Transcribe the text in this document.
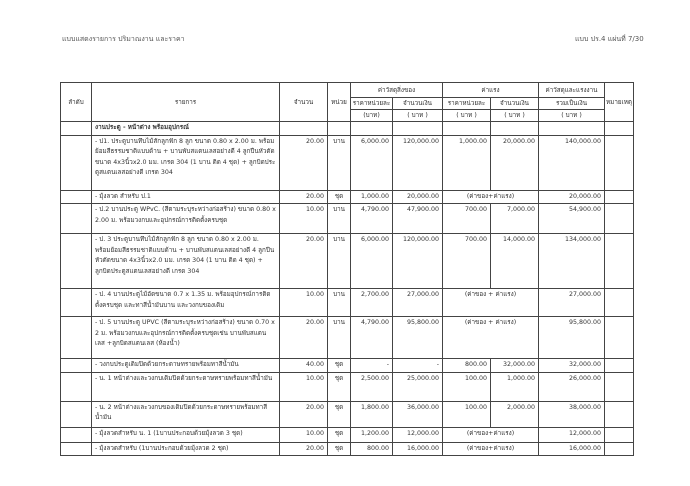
แบบแสดงรายการ ปริมาณงาน และราคา	แบบ ปร.4 แผ่นที่ 7/30
ลำดับ	รายการ	จำนวน	หน่วย	ค่าวัสดุสิ่งของ		ค่าแรง		ค่าวัสดุและแรงงาน	หมายเหตุ
				ราคาหน่วยละ	จำนวนเงิน	ราคาหน่วยละ	จำนวนเงิน	รวมเป็นเงิน	
				(บาท)	( บาท )	( บาท )	( บาท )	( บาท )	
	งานประตู - หน้าต่าง พร้อมอุปกรณ์								
	- ป1. ประตูบานทึบไม้สักลูกฟัก 8 ลูก ขนาด 0.80 x 2.00 ม. พร้อมย้อมสีธรรมชาติแบบด้าน + บานพับสแตนเลสอย่างดี 4 ลูกปืนหัวตัดขนาด 4x3นิ้วx2.0 มม. เกรด 304 (1 บาน ติด 4 ชุด) + ลูกบิดประตูสแตนเลสอย่างดี เกรด 304	20.00	บาน	6,000.00	120,000.00	1,000.00	20,000.00	140,000.00	
	- มุ้งลวด สำหรับ ป.1	20.00	ชุด	1,000.00	20,000.00	(ค่าของ+ค่าแรง)		20,000.00	
	- ป.2 บานประตู WPvC. (สีตามระบุระหว่างก่อสร้าง) ขนาด 0.80 x 2.00 ม. พร้อมวงกบและอุปกรณ์การติดตั้งครบชุด	10.00	บาน	4,790.00	47,900.00	700.00	7,000.00	54,900.00	
	- ป. 3 ประตูบานทึบไม้สักลูกฟัก 8 ลูก ขนาด 0.80 x 2.00 ม. พร้อมย้อมสีธรรมชาติแบบด้าน + บานพับสแตนเลสอย่างดี 4 ลูกปืนหัวตัดขนาด 4x3นิ้วx2.0 มม. เกรด 304 (1 บาน ติด 4 ชุด) + ลูกบิดประตูสแตนเลสอย่างดี เกรด 304	20.00	บาน	6,000.00	120,000.00	700.00	14,000.00	134,000.00	
	- ป. 4 บานประตูไม้อัดขนาด 0.7 x 1.35 ม. พร้อมอุปกรณ์การติดตั้งครบชุด และทาสีน้ำมันบาน และวงกบของเดิม	10.00	บาน	2,700.00	27,000.00	(ค่าของ + ค่าแรง)		27,000.00	
	- ป. 5 บานประตู UPVC (สีตามระบุระหว่างก่อสร้าง) ขนาด 0.70 x 2 ม. พร้อมวงกบและอุปกรณ์การติดตั้งครบชุดเช่น บานพับสแตนเลส +ลูกบิดสแตนเลส (ห้องน้ำ)	20.00	บาน	4,790.00	95,800.00	(ค่าของ + ค่าแรง)		95,800.00	
	- วงกบประตูเดิมปิดด้วยกระดาษทรายพร้อมทาสีน้ำมัน	40.00	ชุด	-	-	800.00	32,000.00	32,000.00	
	- น. 1 หน้าต่างและวงกบเดิมปิดด้วยกระดาษทรายพร้อมทาสีน้ำมัน	10.00	ชุด	2,500.00	25,000.00	100.00	1,000.00	26,000.00	
	- น. 2 หน้าต่างและวงกบของเดิมปิดด้วยกระดาษทรายพร้อมทาสีน้ำมัน	20.00	ชุด	1,800.00	36,000.00	100.00	2,000.00	38,000.00	
	- มุ้งลวดสำหรับ น. 1 (1บานประกอบด้วยมุ้งลวด 3 ชุด)	10.00	ชุด	1,200.00	12,000.00	(ค่าของ+ค่าแรง)		12,000.00	
	- มุ้งลวดสำหรับ (1บานประกอบด้วยมุ้งลวด 2 ชุด)	20.00	ชุด	800.00	16,000.00	(ค่าของ+ค่าแรง)		16,000.00	
